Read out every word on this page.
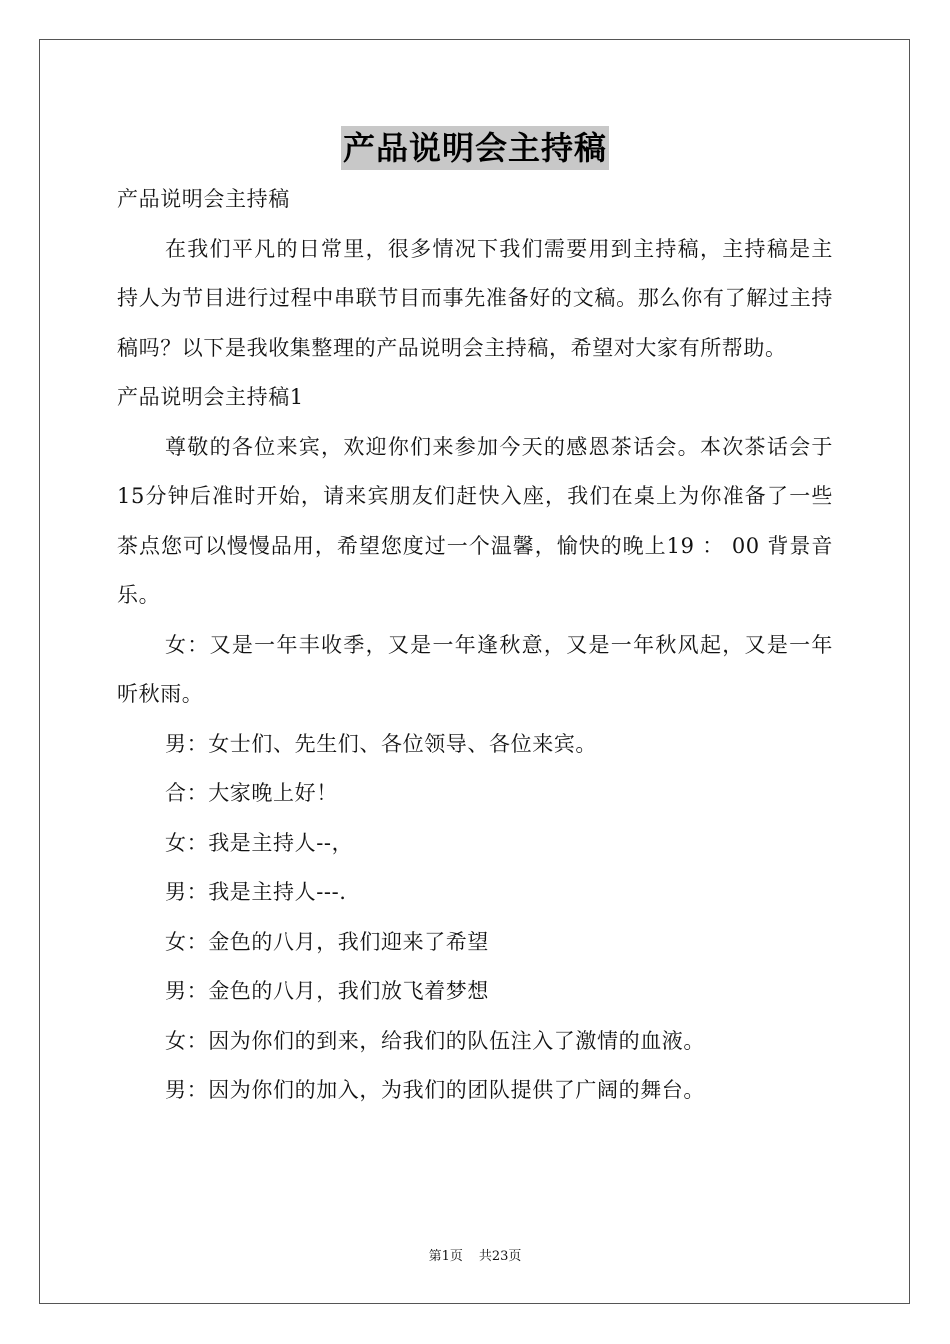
产品说明会主持稿
产品说明会主持稿
在我们平凡的日常里，很多情况下我们需要用到主持稿，主持稿是主持人为节目进行过程中串联节目而事先准备好的文稿。那么你有了解过主持稿吗？以下是我收集整理的产品说明会主持稿，希望对大家有所帮助。
产品说明会主持稿1
尊敬的各位来宾，欢迎你们来参加今天的感恩茶话会。本次茶话会于15分钟后准时开始，请来宾朋友们赶快入座，我们在桌上为你准备了一些茶点您可以慢慢品用，希望您度过一个温馨，愉快的晚上19 ： 00 背景音乐。
女：又是一年丰收季，又是一年逢秋意，又是一年秋风起，又是一年听秋雨。
男：女士们、先生们、各位领导、各位来宾。
合：大家晚上好！
女：我是主持人--，
男：我是主持人---.
女：金色的八月，我们迎来了希望
男：金色的八月，我们放飞着梦想
女：因为你们的到来，给我们的队伍注入了激情的血液。
男：因为你们的加入，为我们的团队提供了广阔的舞台。
第1页 共23页
